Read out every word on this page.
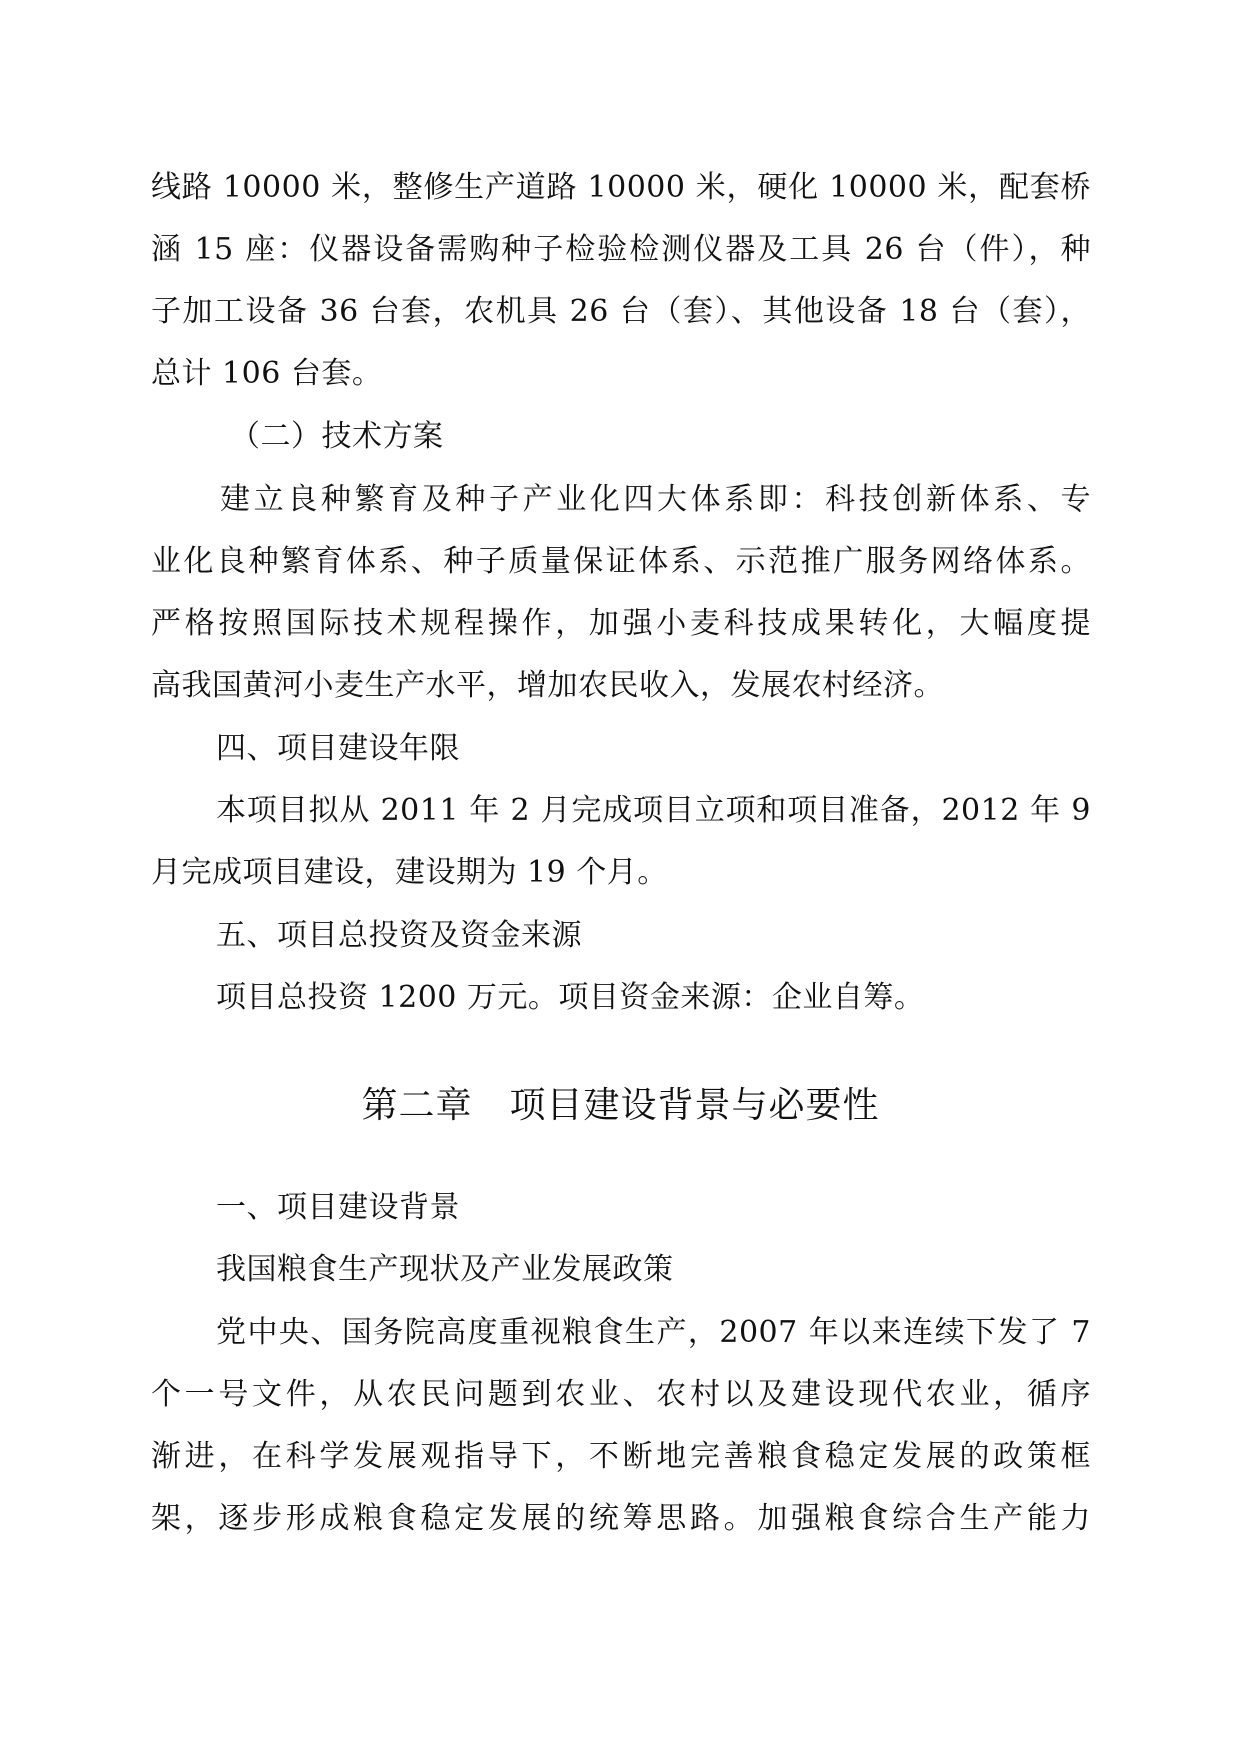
线路 10000 米，整修生产道路 10000 米，硬化 10000 米，配套桥
涵 15 座：仪器设备需购种子检验检测仪器及工具 26 台（件），种
子加工设备 36 台套，农机具 26 台（套）、其他设备 18 台（套），
总计 106 台套。
（二）技术方案
建立良种繁育及种子产业化四大体系即：科技创新体系、专
业化良种繁育体系、种子质量保证体系、示范推广服务网络体系。
严格按照国际技术规程操作，加强小麦科技成果转化，大幅度提
高我国黄河小麦生产水平，增加农民收入，发展农村经济。
四、项目建设年限
本项目拟从 2011 年 2 月完成项目立项和项目准备，2012 年 9
月完成项目建设，建设期为 19 个月。
五、项目总投资及资金来源
项目总投资 1200 万元。项目资金来源：企业自筹。
第二章　项目建设背景与必要性
一、项目建设背景
我国粮食生产现状及产业发展政策
党中央、国务院高度重视粮食生产，2007 年以来连续下发了 7
个一号文件，从农民问题到农业、农村以及建设现代农业，循序
渐进，在科学发展观指导下，不断地完善粮食稳定发展的政策框
架，逐步形成粮食稳定发展的统筹思路。加强粮食综合生产能力
